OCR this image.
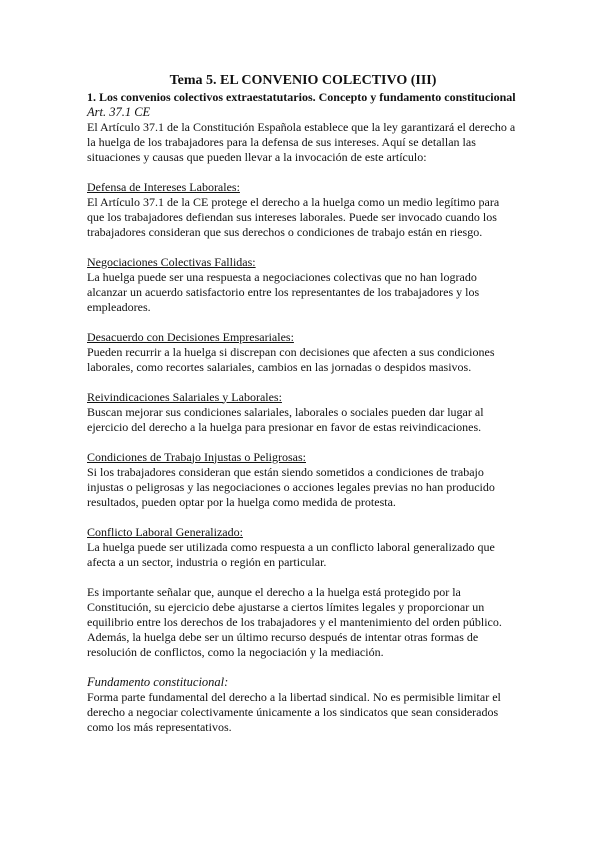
Tema 5. EL CONVENIO COLECTIVO (III)
1. Los convenios colectivos extraestatutarios. Concepto y fundamento constitucional
Art. 37.1 CE

El Artículo 37.1 de la Constitución Española establece que la ley garantizará el derecho a la huelga de los trabajadores para la defensa de sus intereses. Aquí se detallan las situaciones y causas que pueden llevar a la invocación de este artículo:

Defensa de Intereses Laborales:

El Artículo 37.1 de la CE protege el derecho a la huelga como un medio legítimo para que los trabajadores defiendan sus intereses laborales. Puede ser invocado cuando los trabajadores consideran que sus derechos o condiciones de trabajo están en riesgo.

Negociaciones Colectivas Fallidas:

La huelga puede ser una respuesta a negociaciones colectivas que no han logrado alcanzar un acuerdo satisfactorio entre los representantes de los trabajadores y los empleadores.

Desacuerdo con Decisiones Empresariales:

Pueden recurrir a la huelga si discrepan con decisiones que afecten a sus condiciones laborales, como recortes salariales, cambios en las jornadas o despidos masivos.

Reivindicaciones Salariales y Laborales:

Buscan mejorar sus condiciones salariales, laborales o sociales pueden dar lugar al ejercicio del derecho a la huelga para presionar en favor de estas reivindicaciones.

Condiciones de Trabajo Injustas o Peligrosas:

Si los trabajadores consideran que están siendo sometidos a condiciones de trabajo injustas o peligrosas y las negociaciones o acciones legales previas no han producido resultados, pueden optar por la huelga como medida de protesta.

Conflicto Laboral Generalizado:

La huelga puede ser utilizada como respuesta a un conflicto laboral generalizado que afecta a un sector, industria o región en particular.

Es importante señalar que, aunque el derecho a la huelga está protegido por la Constitución, su ejercicio debe ajustarse a ciertos límites legales y proporcionar un equilibrio entre los derechos de los trabajadores y el mantenimiento del orden público. Además, la huelga debe ser un último recurso después de intentar otras formas de resolución de conflictos, como la negociación y la mediación.

Fundamento constitucional:

Forma parte fundamental del derecho a la libertad sindical. No es permisible limitar el derecho a negociar colectivamente únicamente a los sindicatos que sean considerados como los más representativos.
